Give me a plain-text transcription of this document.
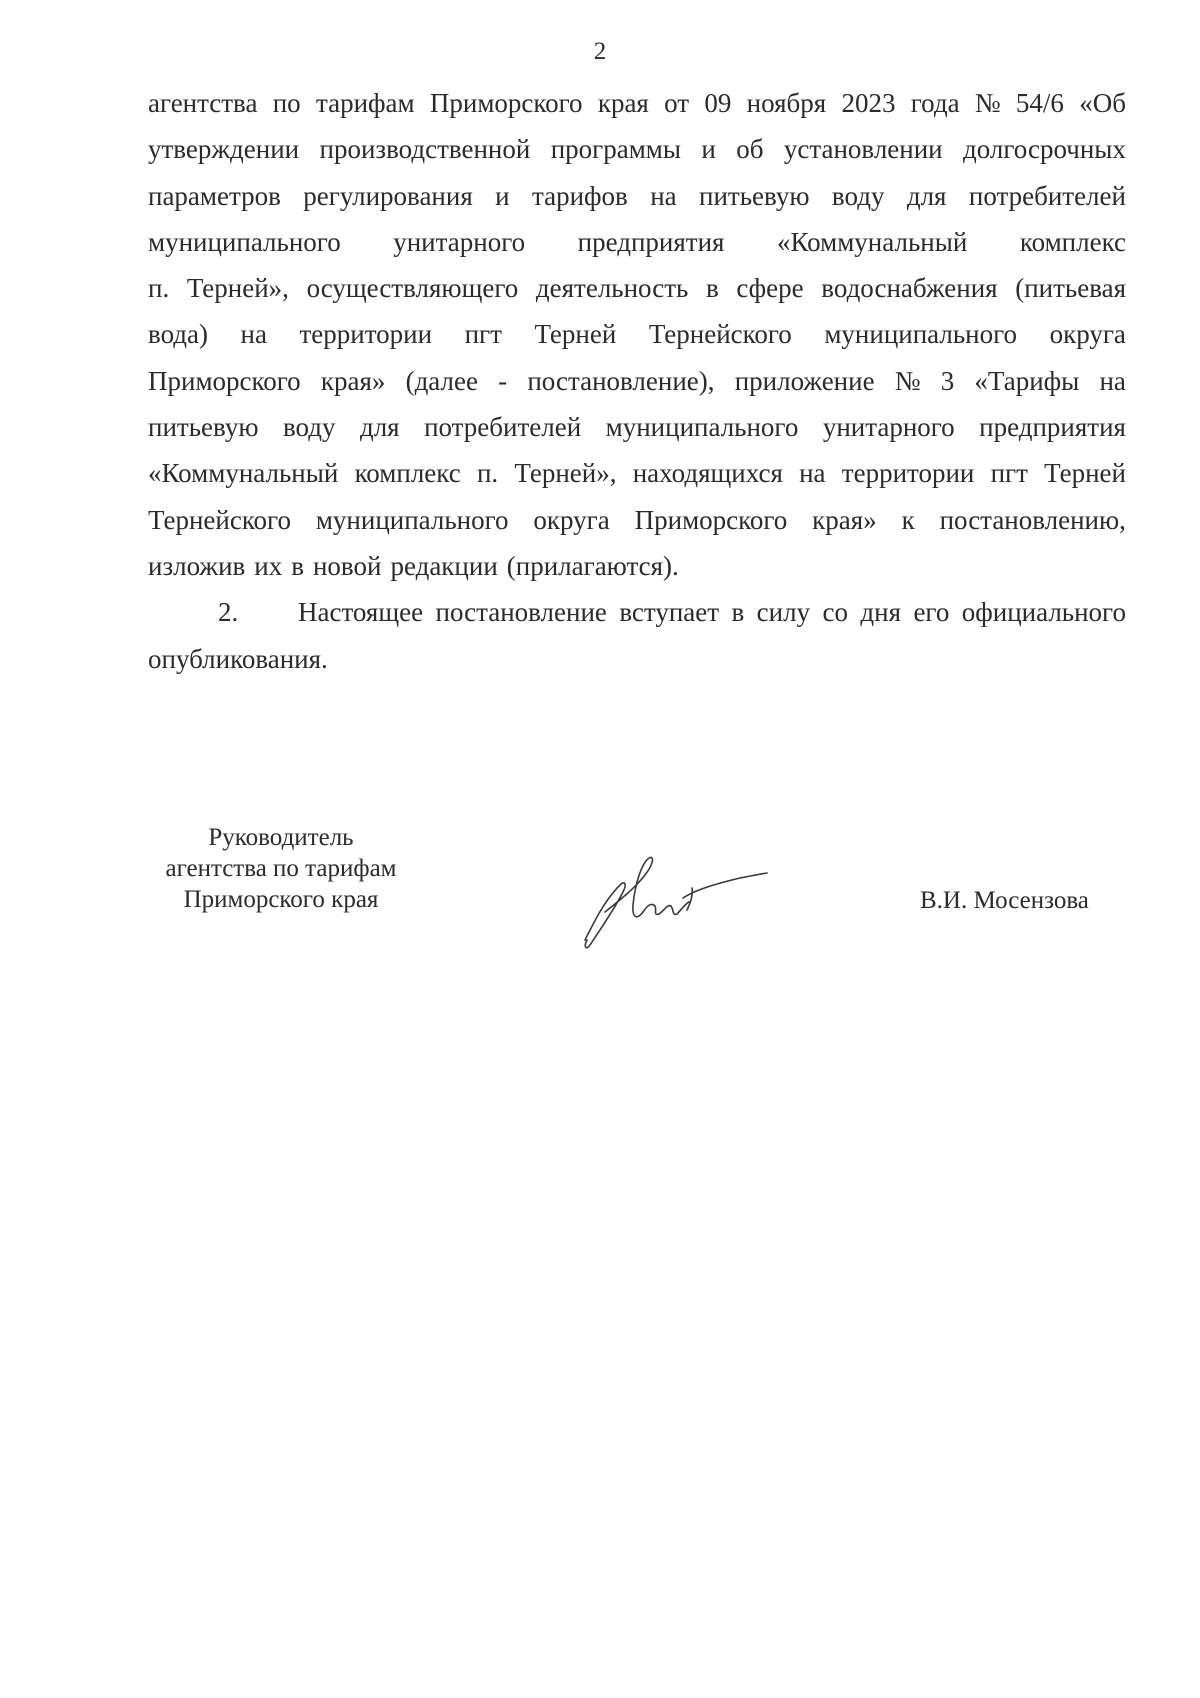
2
агентства по тарифам Приморского края от 09 ноября 2023 года № 54/6 «Об
утверждении производственной программы и об установлении долгосрочных
параметров регулирования и тарифов на питьевую воду для потребителей
муниципального унитарного предприятия «Коммунальный комплекс
п. Терней», осуществляющего деятельность в сфере водоснабжения (питьевая
вода) на территории пгт Терней Тернейского муниципального округа
Приморского края» (далее - постановление), приложение № 3 «Тарифы на
питьевую воду для потребителей муниципального унитарного предприятия
«Коммунальный комплекс п. Терней», находящихся на территории пгт Терней
Тернейского муниципального округа Приморского края» к постановлению,
изложив их в новой редакции (прилагаются).
2.	Настоящее постановление вступает в силу со дня его официального
опубликования.
Руководитель
агентства по тарифам
Приморского края	В.И. Мосензова
